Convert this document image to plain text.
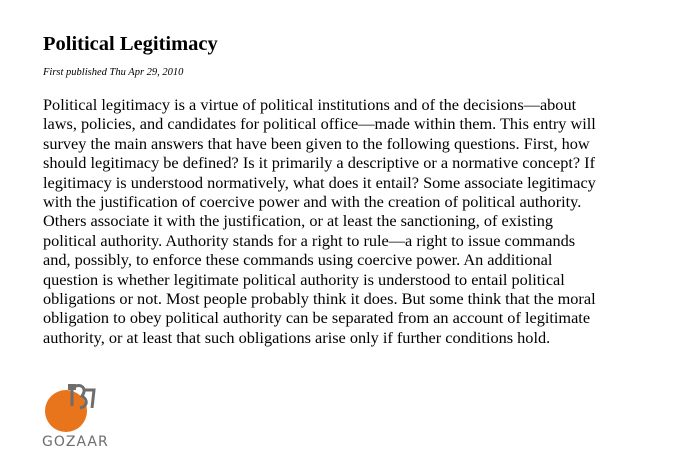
Political Legitimacy

First published Thu Apr 29, 2010

Political legitimacy is a virtue of political institutions and of the decisions—about
laws, policies, and candidates for political office—made within them. This entry will
survey the main answers that have been given to the following questions. First, how
should legitimacy be defined? Is it primarily a descriptive or a normative concept? If
legitimacy is understood normatively, what does it entail? Some associate legitimacy
with the justification of coercive power and with the creation of political authority.
Others associate it with the justification, or at least the sanctioning, of existing
political authority. Authority stands for a right to rule—a right to issue commands
and, possibly, to enforce these commands using coercive power. An additional
question is whether legitimate political authority is understood to entail political
obligations or not. Most people probably think it does. But some think that the moral
obligation to obey political authority can be separated from an account of legitimate
authority, or at least that such obligations arise only if further conditions hold.

GOZAAR
